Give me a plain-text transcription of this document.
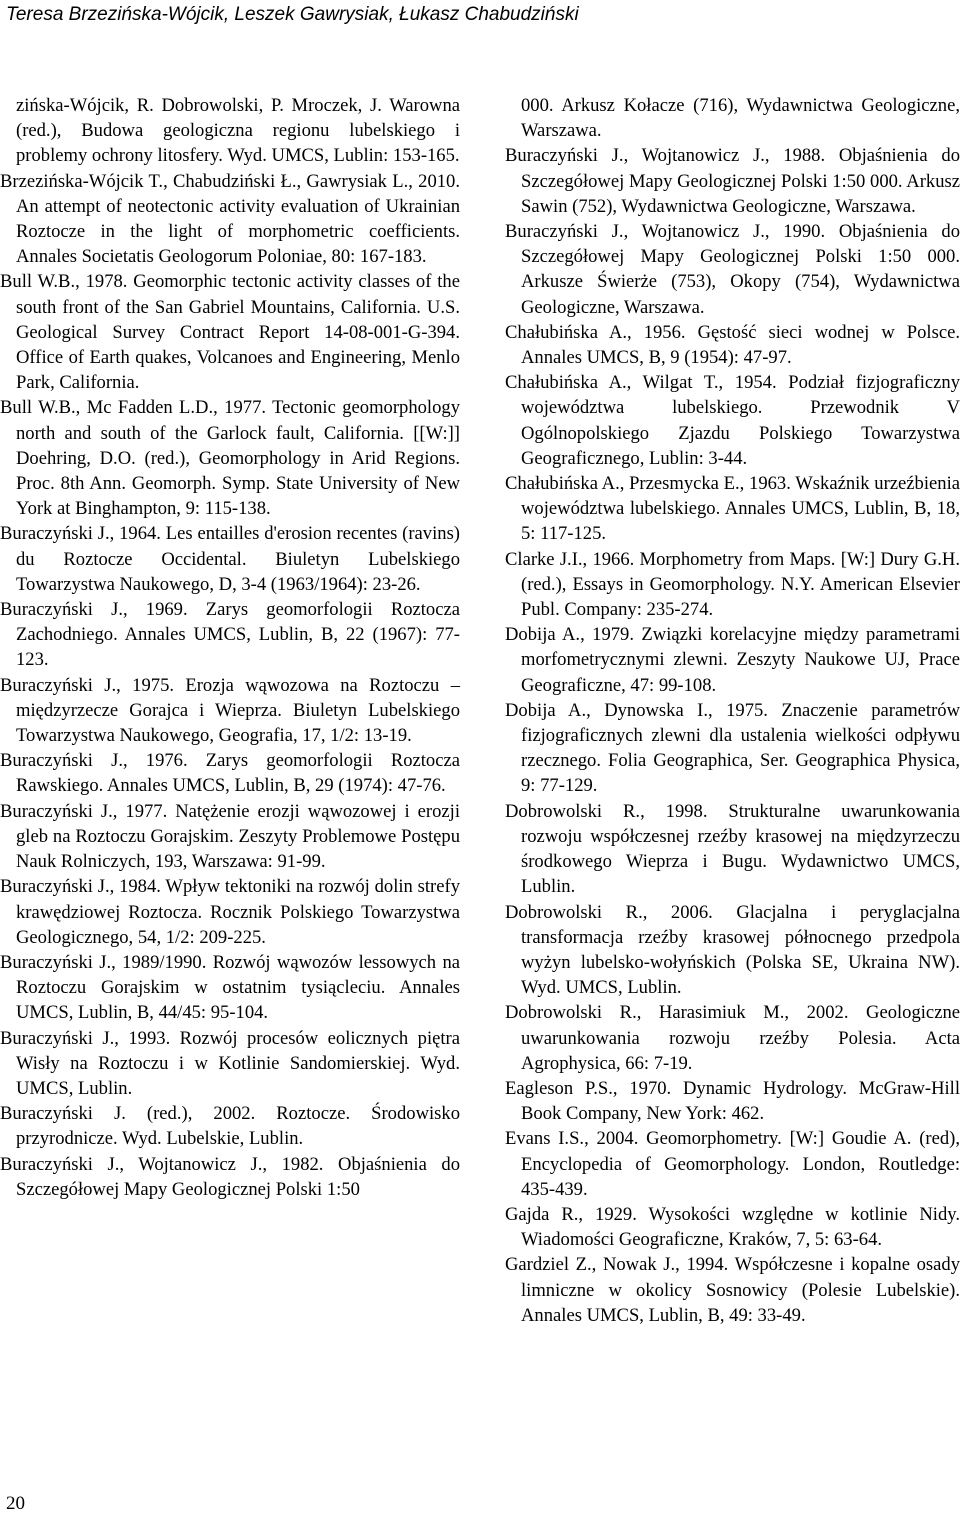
Teresa Brzezińska-Wójcik, Leszek Gawrysiak, Łukasz Chabudziński
zińska-Wójcik, R. Dobrowolski, P. Mroczek, J. Warowna (red.), Budowa geologiczna regionu lubelskiego i problemy ochrony litosfery. Wyd. UMCS, Lublin: 153-165.
Brzezińska-Wójcik T., Chabudziński Ł., Gawrysiak L., 2010. An attempt of neotectonic activity evaluation of Ukrainian Roztocze in the light of morphometric coefficients. Annales Societatis Geologorum Poloniae, 80: 167-183.
Bull W.B., 1978. Geomorphic tectonic activity classes of the south front of the San Gabriel Mountains, California. U.S. Geological Survey Contract Report 14-08-001-G-394. Office of Earth quakes, Volcanoes and Engineering, Menlo Park, California.
Bull W.B., Mc Fadden L.D., 1977. Tectonic geomorphology north and south of the Garlock fault, California. [[W:]] Doehring, D.O. (red.), Geomorphology in Arid Regions. Proc. 8th Ann. Geomorph. Symp. State University of New York at Binghampton, 9: 115-138.
Buraczyński J., 1964. Les entailles d'erosion recentes (ravins) du Roztocze Occidental. Biuletyn Lubelskiego Towarzystwa Naukowego, D, 3-4 (1963/1964): 23-26.
Buraczyński J., 1969. Zarys geomorfologii Roztocza Zachodniego. Annales UMCS, Lublin, B, 22 (1967): 77-123.
Buraczyński J., 1975. Erozja wąwozowa na Roztoczu – międzyrzecze Gorajca i Wieprza. Biuletyn Lubelskiego Towarzystwa Naukowego, Geografia, 17, 1/2: 13-19.
Buraczyński J., 1976. Zarys geomorfologii Roztocza Rawskiego. Annales UMCS, Lublin, B, 29 (1974): 47-76.
Buraczyński J., 1977. Natężenie erozji wąwozowej i erozji gleb na Roztoczu Gorajskim. Zeszyty Problemowe Postępu Nauk Rolniczych, 193, Warszawa: 91-99.
Buraczyński J., 1984. Wpływ tektoniki na rozwój dolin strefy krawędziowej Roztocza. Rocznik Polskiego Towarzystwa Geologicznego, 54, 1/2: 209-225.
Buraczyński J., 1989/1990. Rozwój wąwozów lessowych na Roztoczu Gorajskim w ostatnim tysiącleciu. Annales UMCS, Lublin, B, 44/45: 95-104.
Buraczyński J., 1993. Rozwój procesów eolicznych piętra Wisły na Roztoczu i w Kotlinie Sandomierskiej. Wyd. UMCS, Lublin.
Buraczyński J. (red.), 2002. Roztocze. Środowisko przyrodnicze. Wyd. Lubelskie, Lublin.
Buraczyński J., Wojtanowicz J., 1982. Objaśnienia do Szczegółowej Mapy Geologicznej Polski 1:50
000. Arkusz Kołacze (716), Wydawnictwa Geologiczne, Warszawa.
Buraczyński J., Wojtanowicz J., 1988. Objaśnienia do Szczegółowej Mapy Geologicznej Polski 1:50 000. Arkusz Sawin (752), Wydawnictwa Geologiczne, Warszawa.
Buraczyński J., Wojtanowicz J., 1990. Objaśnienia do Szczegółowej Mapy Geologicznej Polski 1:50 000. Arkusze Świerże (753), Okopy (754), Wydawnictwa Geologiczne, Warszawa.
Chałubińska A., 1956. Gęstość sieci wodnej w Polsce. Annales UMCS, B, 9 (1954): 47-97.
Chałubińska A., Wilgat T., 1954. Podział fizjograficzny województwa lubelskiego. Przewodnik V Ogólnopolskiego Zjazdu Polskiego Towarzystwa Geograficznego, Lublin: 3-44.
Chałubińska A., Przesmycka E., 1963. Wskaźnik urzeźbienia województwa lubelskiego. Annales UMCS, Lublin, B, 18, 5: 117-125.
Clarke J.I., 1966. Morphometry from Maps. [W:] Dury G.H. (red.), Essays in Geomorphology. N.Y. American Elsevier Publ. Company: 235-274.
Dobija A., 1979. Związki korelacyjne między parametrami morfometrycznymi zlewni. Zeszyty Naukowe UJ, Prace Geograficzne, 47: 99-108.
Dobija A., Dynowska I., 1975. Znaczenie parametrów fizjograficznych zlewni dla ustalenia wielkości odpływu rzecznego. Folia Geographica, Ser. Geographica Physica, 9: 77-129.
Dobrowolski R., 1998. Strukturalne uwarunkowania rozwoju współczesnej rzeźby krasowej na międzyrzeczu środkowego Wieprza i Bugu. Wydawnictwo UMCS, Lublin.
Dobrowolski R., 2006. Glacjalna i peryglacjalna transformacja rzeźby krasowej północnego przedpola wyżyn lubelsko-wołyńskich (Polska SE, Ukraina NW). Wyd. UMCS, Lublin.
Dobrowolski R., Harasimiuk M., 2002. Geologiczne uwarunkowania rozwoju rzeźby Polesia. Acta Agrophysica, 66: 7-19.
Eagleson P.S., 1970. Dynamic Hydrology. McGraw-Hill Book Company, New York: 462.
Evans I.S., 2004. Geomorphometry. [W:] Goudie A. (red), Encyclopedia of Geomorphology. London, Routledge: 435-439.
Gajda R., 1929. Wysokości względne w kotlinie Nidy. Wiadomości Geograficzne, Kraków, 7, 5: 63-64.
Gardziel Z., Nowak J., 1994. Współczesne i kopalne osady limniczne w okolicy Sosnowicy (Polesie Lubelskie). Annales UMCS, Lublin, B, 49: 33-49.
20
